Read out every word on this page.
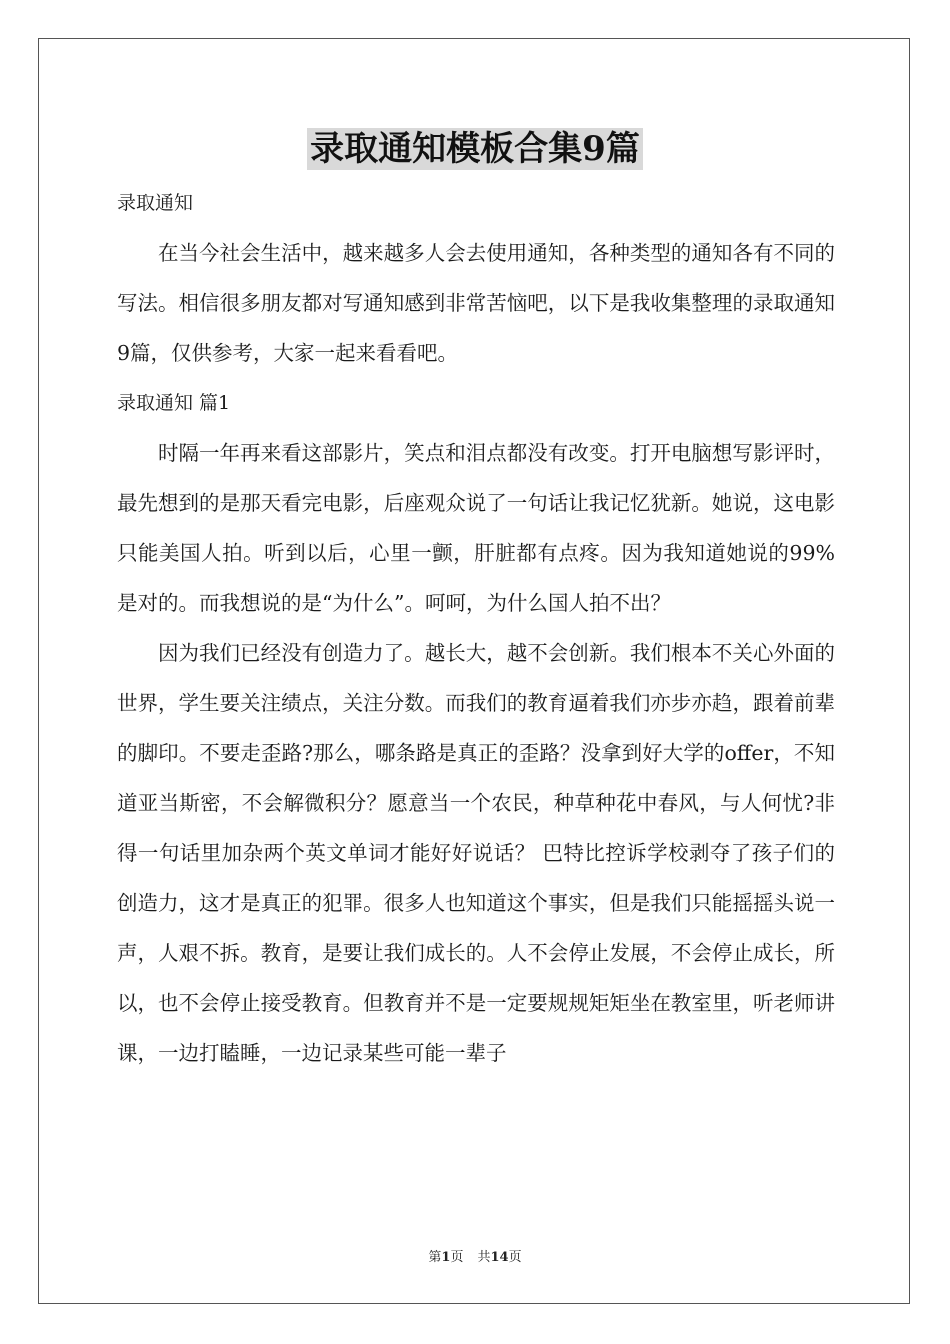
录取通知模板合集9篇

录取通知

在当今社会生活中，越来越多人会去使用通知，各种类型的通知各有不同的写法。相信很多朋友都对写通知感到非常苦恼吧，以下是我收集整理的录取通知9篇，仅供参考，大家一起来看看吧。

录取通知 篇1

时隔一年再来看这部影片，笑点和泪点都没有改变。打开电脑想写影评时，最先想到的是那天看完电影，后座观众说了一句话让我记忆犹新。她说，这电影只能美国人拍。听到以后，心里一颤，肝脏都有点疼。因为我知道她说的99%是对的。而我想说的是“为什么”。呵呵，为什么国人拍不出？

因为我们已经没有创造力了。越长大，越不会创新。我们根本不关心外面的世界，学生要关注绩点，关注分数。而我们的教育逼着我们亦步亦趋，跟着前辈的脚印。不要走歪路?那么，哪条路是真正的歪路？没拿到好大学的offer，不知道亚当斯密，不会解微积分？愿意当一个农民，种草种花中春风，与人何忧?非得一句话里加杂两个英文单词才能好好说话？ 巴特比控诉学校剥夺了孩子们的创造力，这才是真正的犯罪。很多人也知道这个事实，但是我们只能摇摇头说一声，人艰不拆。教育，是要让我们成长的。人不会停止发展，不会停止成长，所以，也不会停止接受教育。但教育并不是一定要规规矩矩坐在教室里，听老师讲课，一边打瞌睡，一边记录某些可能一辈子

第1页 共14页
